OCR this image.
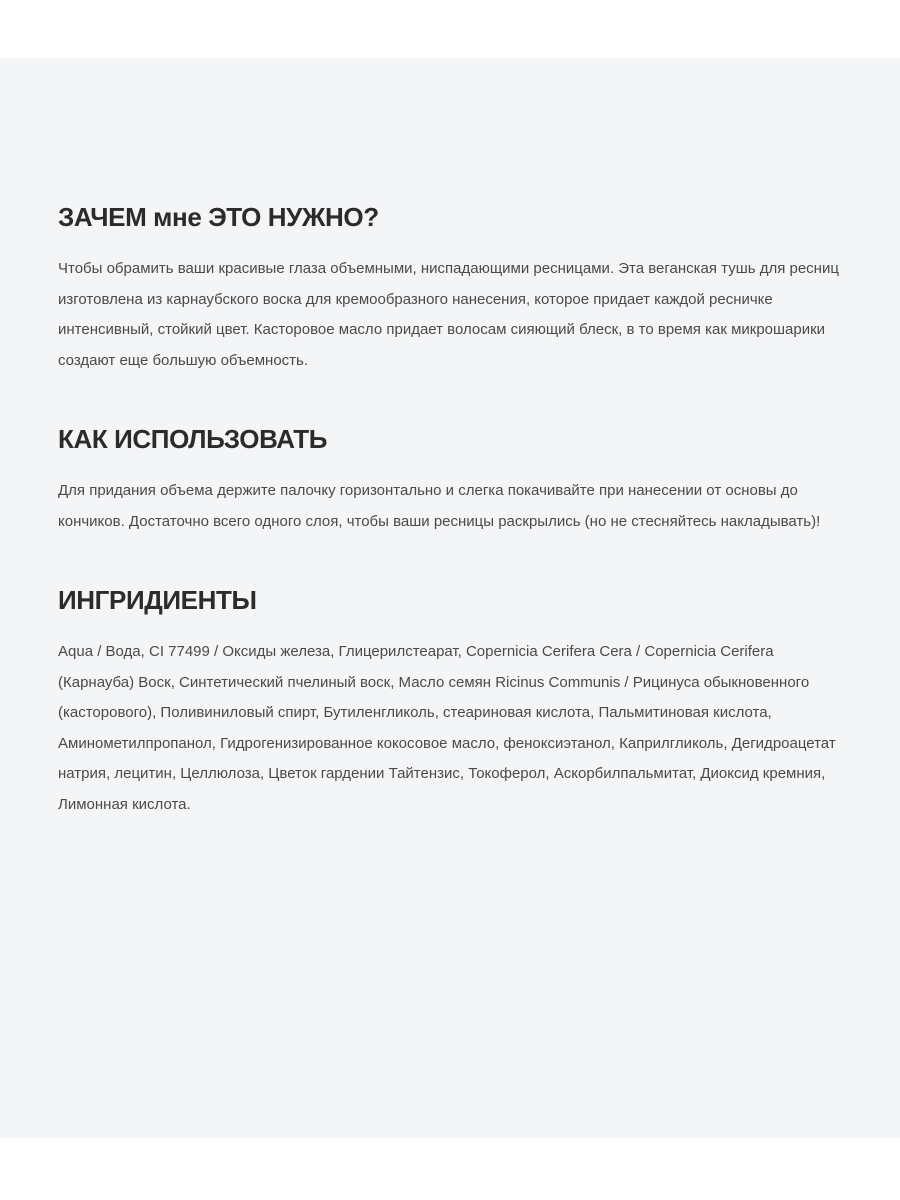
ЗАЧЕМ мне ЭТО НУЖНО?

Чтобы обрамить ваши красивые глаза объемными, ниспадающими ресницами. Эта веганская тушь для ресниц изготовлена из карнаубского воска для кремообразного нанесения, которое придает каждой ресничке интенсивный, стойкий цвет. Касторовое масло придает волосам сияющий блеск, в то время как микрошарики создают еще большую объемность.

КАК ИСПОЛЬЗОВАТЬ

Для придания объема держите палочку горизонтально и слегка покачивайте при нанесении от основы до кончиков. Достаточно всего одного слоя, чтобы ваши ресницы раскрылись (но не стесняйтесь накладывать)!

ИНГРИДИЕНТЫ

Aqua / Вода, CI 77499 / Оксиды железа, Глицерилстеарат, Copernicia Cerifera Cera / Copernicia Cerifera (Карнауба) Воск, Синтетический пчелиный воск, Масло семян Ricinus Communis / Рицинуса обыкновенного (касторового), Поливиниловый спирт, Бутиленгликоль, стеариновая кислота, Пальмитиновая кислота, Аминометилпропанол, Гидрогенизированное кокосовое масло, феноксиэтанол, Каприлгликоль, Дегидроацетат натрия, лецитин, Целлюлоза, Цветок гардении Тайтензис, Токоферол, Аскорбилпальмитат, Диоксид кремния, Лимонная кислота.
